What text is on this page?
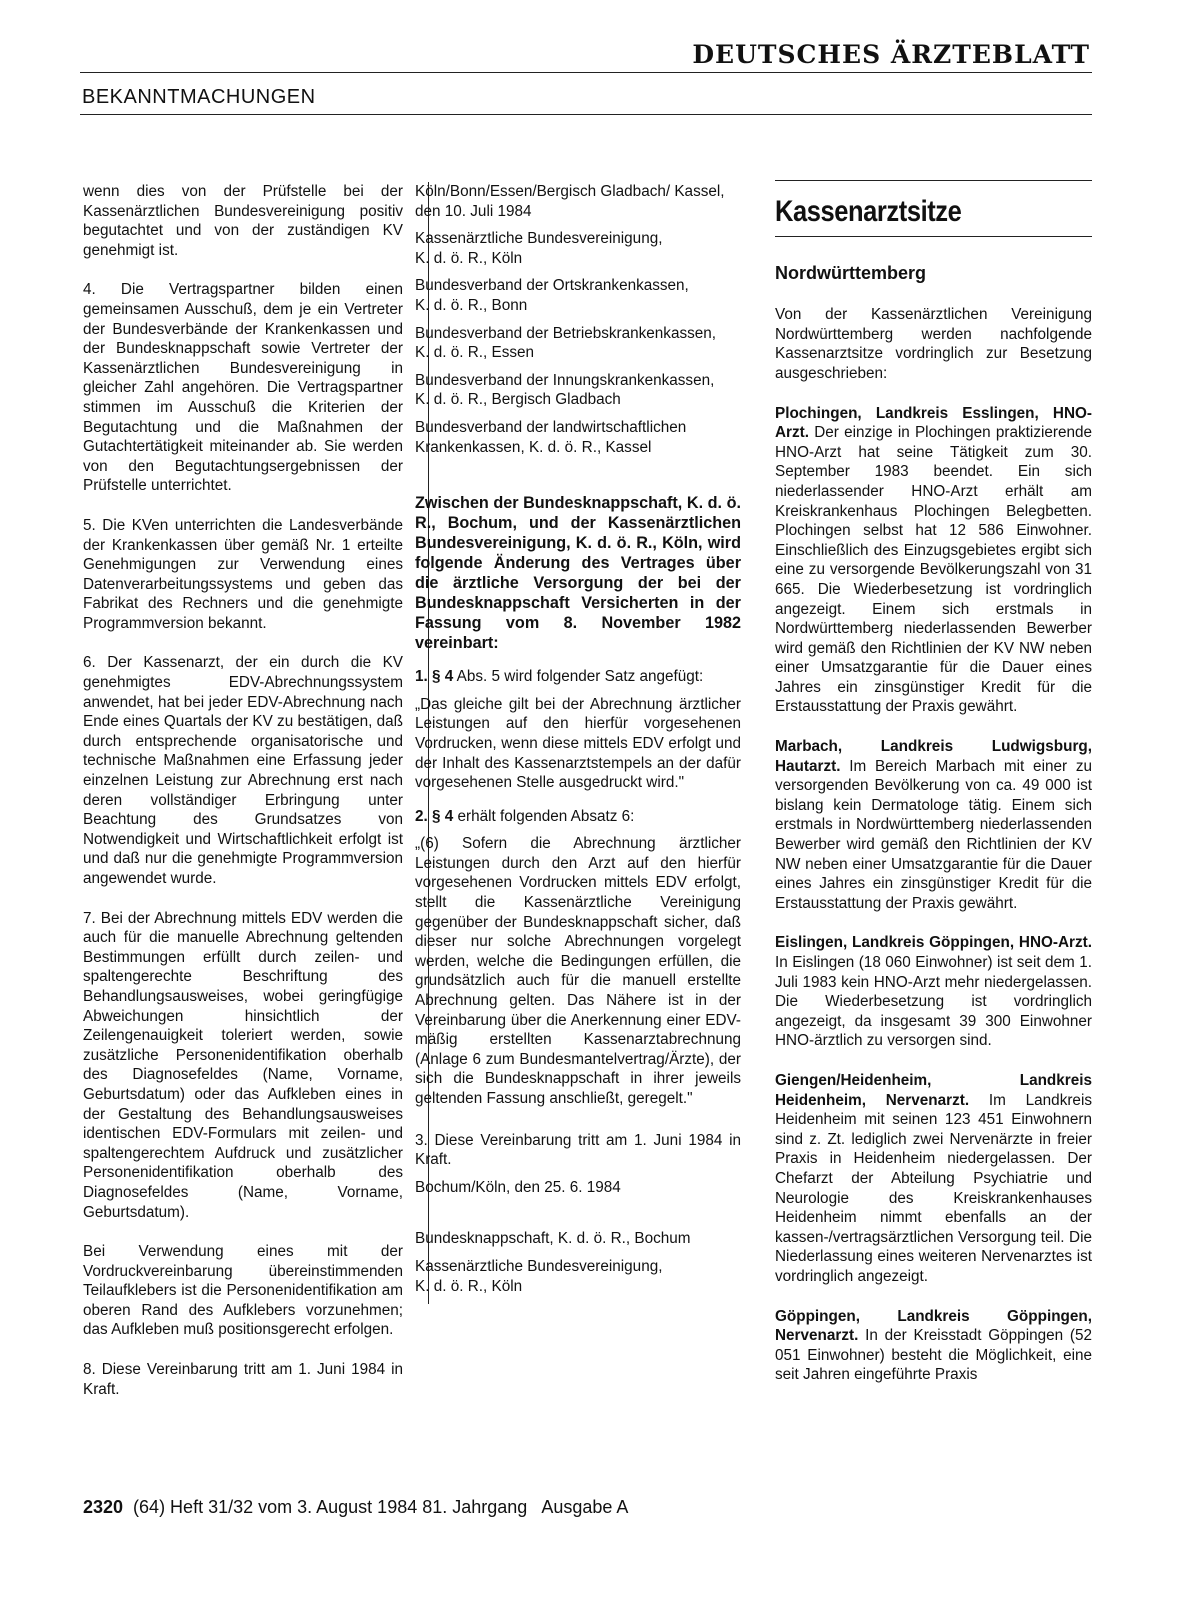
DEUTSCHES ÄRZTEBLATT
BEKANNTMACHUNGEN

wenn dies von der Prüfstelle bei der Kassenärztlichen Bundesvereinigung positiv begutachtet und von der zuständigen KV genehmigt ist.

4. Die Vertragspartner bilden einen gemeinsamen Ausschuß, dem je ein Vertreter der Bundesverbände der Krankenkassen und der Bundesknappschaft sowie Vertreter der Kassenärztlichen Bundesvereinigung in gleicher Zahl angehören. Die Vertragspartner stimmen im Ausschuß die Kriterien der Begutachtung und die Maßnahmen der Gutachtertätigkeit miteinander ab. Sie werden von den Begutachtungsergebnissen der Prüfstelle unterrichtet.

5. Die KVen unterrichten die Landesverbände der Krankenkassen über gemäß Nr. 1 erteilte Genehmigungen zur Verwendung eines Datenverarbeitungssystems und geben das Fabrikat des Rechners und die genehmigte Programmversion bekannt.

6. Der Kassenarzt, der ein durch die KV genehmigtes EDV-Abrechnungssystem anwendet, hat bei jeder EDV-Abrechnung nach Ende eines Quartals der KV zu bestätigen, daß durch entsprechende organisatorische und technische Maßnahmen eine Erfassung jeder einzelnen Leistung zur Abrechnung erst nach deren vollständiger Erbringung unter Beachtung des Grundsatzes von Notwendigkeit und Wirtschaftlichkeit erfolgt ist und daß nur die genehmigte Programmversion angewendet wurde.

7. Bei der Abrechnung mittels EDV werden die auch für die manuelle Abrechnung geltenden Bestimmungen erfüllt durch zeilen- und spaltengerechte Beschriftung des Behandlungsausweises, wobei geringfügige Abweichungen hinsichtlich der Zeilengenauigkeit toleriert werden, sowie zusätzliche Personenidentifikation oberhalb des Diagnosefeldes (Name, Vorname, Geburtsdatum) oder das Aufkleben eines in der Gestaltung des Behandlungsausweises identischen EDV-Formulars mit zeilen- und spaltengerechtem Aufdruck und zusätzlicher Personenidentifikation oberhalb des Diagnosefeldes (Name, Vorname, Geburtsdatum).

Bei Verwendung eines mit der Vordruckvereinbarung übereinstimmenden Teilaufklebers ist die Personenidentifikation am oberen Rand des Aufklebers vorzunehmen; das Aufkleben muß positionsgerecht erfolgen.

8. Diese Vereinbarung tritt am 1. Juni 1984 in Kraft.

Köln/Bonn/Essen/Bergisch Gladbach/ Kassel, den 10. Juli 1984

Kassenärztliche Bundesvereinigung,
K. d. ö. R., Köln

Bundesverband der Ortskrankenkassen,
K. d. ö. R., Bonn

Bundesverband der Betriebskrankenkassen,
K. d. ö. R., Essen

Bundesverband der Innungskrankenkassen,
K. d. ö. R., Bergisch Gladbach

Bundesverband der landwirtschaftlichen
Krankenkassen, K. d. ö. R., Kassel

Zwischen der Bundesknappschaft, K. d. ö. R., Bochum, und der Kassenärztlichen Bundesvereinigung, K. d. ö. R., Köln, wird folgende Änderung des Vertrages über die ärztliche Versorgung der bei der Bundesknappschaft Versicherten in der Fassung vom 8. November 1982 vereinbart:

1. § 4 Abs. 5 wird folgender Satz angefügt:

„Das gleiche gilt bei der Abrechnung ärztlicher Leistungen auf den hierfür vorgesehenen Vordrucken, wenn diese mittels EDV erfolgt und der Inhalt des Kassenarztstempels an der dafür vorgesehenen Stelle ausgedruckt wird."

2. § 4 erhält folgenden Absatz 6:

„(6) Sofern die Abrechnung ärztlicher Leistungen durch den Arzt auf den hierfür vorgesehenen Vordrucken mittels EDV erfolgt, stellt die Kassenärztliche Vereinigung gegenüber der Bundesknappschaft sicher, daß dieser nur solche Abrechnungen vorgelegt werden, welche die Bedingungen erfüllen, die grundsätzlich auch für die manuell erstellte Abrechnung gelten. Das Nähere ist in der Vereinbarung über die Anerkennung einer EDV-mäßig erstellten Kassenarztabrechnung (Anlage 6 zum Bundesmantelvertrag/Ärzte), der sich die Bundesknappschaft in ihrer jeweils geltenden Fassung anschließt, geregelt."

3. Diese Vereinbarung tritt am 1. Juni 1984 in Kraft.

Bochum/Köln, den 25. 6. 1984

Bundesknappschaft, K. d. ö. R., Bochum

Kassenärztliche Bundesvereinigung,
K. d. ö. R., Köln

Kassenarztsitze
Nordwürttemberg

Von der Kassenärztlichen Vereinigung Nordwürttemberg werden nachfolgende Kassenarztsitze vordringlich zur Besetzung ausgeschrieben:

Plochingen, Landkreis Esslingen, HNO-Arzt. Der einzige in Plochingen praktizierende HNO-Arzt hat seine Tätigkeit zum 30. September 1983 beendet. Ein sich niederlassender HNO-Arzt erhält am Kreiskrankenhaus Plochingen Belegbetten. Plochingen selbst hat 12 586 Einwohner. Einschließlich des Einzugsgebietes ergibt sich eine zu versorgende Bevölkerungszahl von 31 665. Die Wiederbesetzung ist vordringlich angezeigt. Einem sich erstmals in Nordwürttemberg niederlassenden Bewerber wird gemäß den Richtlinien der KV NW neben einer Umsatzgarantie für die Dauer eines Jahres ein zinsgünstiger Kredit für die Erstausstattung der Praxis gewährt.

Marbach, Landkreis Ludwigsburg, Hautarzt. Im Bereich Marbach mit einer zu versorgenden Bevölkerung von ca. 49 000 ist bislang kein Dermatologe tätig. Einem sich erstmals in Nordwürttemberg niederlassenden Bewerber wird gemäß den Richtlinien der KV NW neben einer Umsatzgarantie für die Dauer eines Jahres ein zinsgünstiger Kredit für die Erstausstattung der Praxis gewährt.

Eislingen, Landkreis Göppingen, HNO-Arzt. In Eislingen (18 060 Einwohner) ist seit dem 1. Juli 1983 kein HNO-Arzt mehr niedergelassen. Die Wiederbesetzung ist vordringlich angezeigt, da insgesamt 39 300 Einwohner HNO-ärztlich zu versorgen sind.

Giengen/Heidenheim, Landkreis Heidenheim, Nervenarzt. Im Landkreis Heidenheim mit seinen 123 451 Einwohnern sind z. Zt. lediglich zwei Nervenärzte in freier Praxis in Heidenheim niedergelassen. Der Chefarzt der Abteilung Psychiatrie und Neurologie des Kreiskrankenhauses Heidenheim nimmt ebenfalls an der kassen-/vertragsärztlichen Versorgung teil. Die Niederlassung eines weiteren Nervenarztes ist vordringlich angezeigt.

Göppingen, Landkreis Göppingen, Nervenarzt. In der Kreisstadt Göppingen (52 051 Einwohner) besteht die Möglichkeit, eine seit Jahren eingeführte Praxis

2320  (64) Heft 31/32 vom 3. August 1984 81. Jahrgang   Ausgabe A
